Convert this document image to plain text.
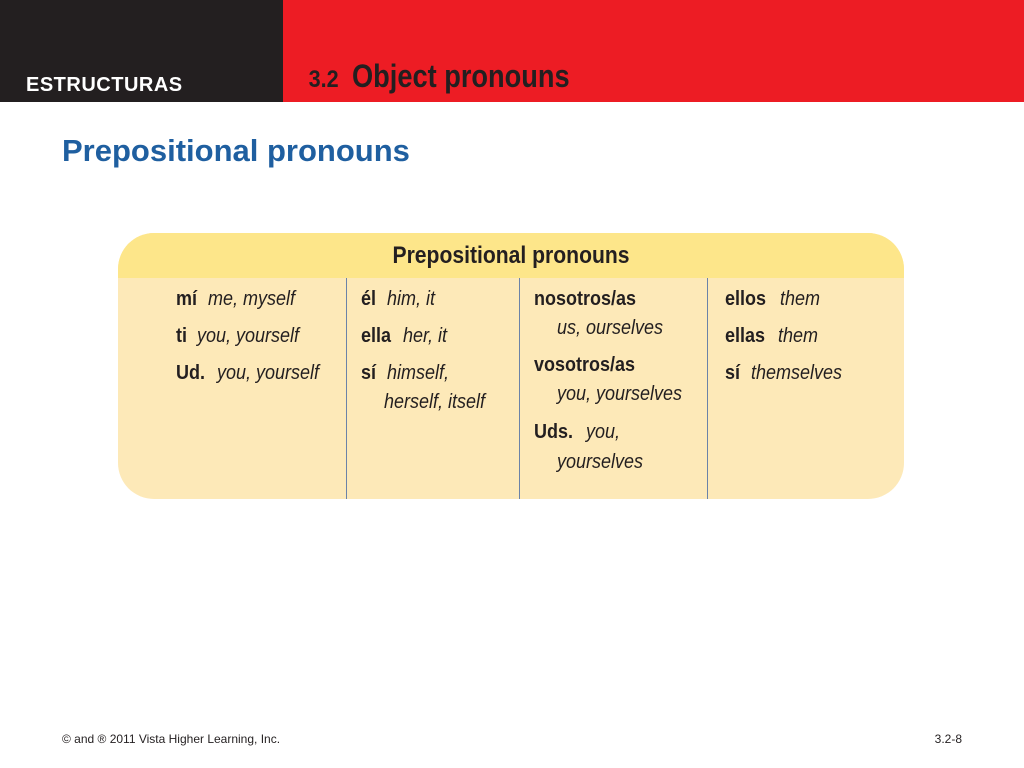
ESTRUCTURAS	3.2 Object pronouns
Prepositional pronouns
Prepositional pronouns
mí me, myself
ti you, yourself
Ud. you, yourself
él him, it
ella her, it
sí himself,
herself, itself
nosotros/as
us, ourselves
vosotros/as
you, yourselves
Uds. you,
yourselves
ellos them
ellas them
sí themselves
© and ® 2011 Vista Higher Learning, Inc.	3.2-8
